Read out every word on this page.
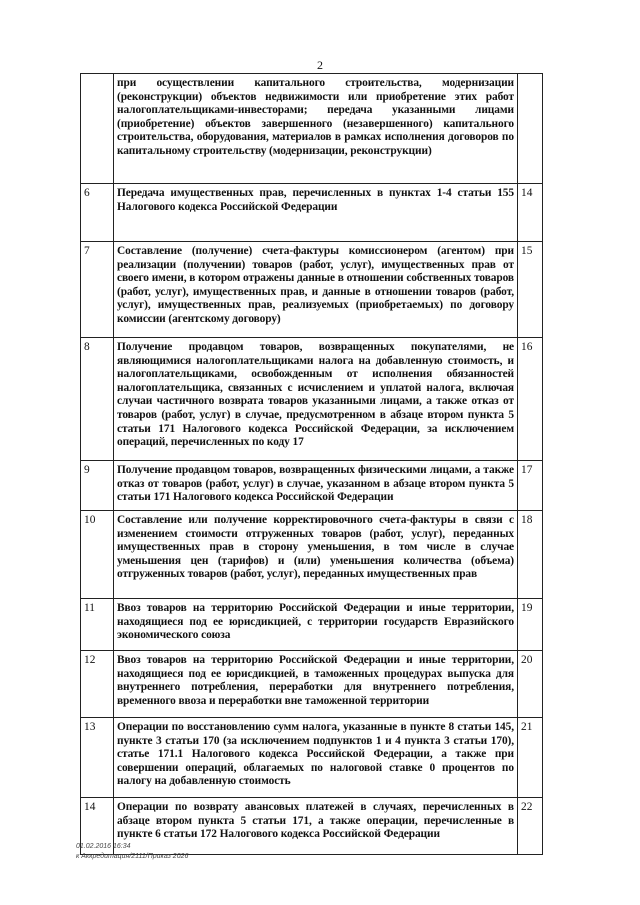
2
	при осуществлении капитального строительства, модернизации (реконструкции) объектов недвижимости или приобретение этих работ налогоплательщиками-инвесторами; передача указанными лицами (приобретение) объектов завершенного (незавершенного) капитального строительства, оборудования, материалов в рамках исполнения договоров по капитальному строительству (модернизации, реконструкции)	
6	Передача имущественных прав, перечисленных в пунктах 1-4 статьи 155 Налогового кодекса Российской Федерации	14
7	Составление (получение) счета-фактуры комиссионером (агентом) при реализации (получении) товаров (работ, услуг), имущественных прав от своего имени, в котором отражены данные в отношении собственных товаров (работ, услуг), имущественных прав, и данные в отношении товаров (работ, услуг), имущественных прав, реализуемых (приобретаемых) по договору комиссии (агентскому договору)	15
8	Получение продавцом товаров, возвращенных покупателями, не являющимися налогоплательщиками налога на добавленную стоимость, и налогоплательщиками, освобожденным от исполнения обязанностей налогоплательщика, связанных с исчислением и уплатой налога, включая случаи частичного возврата товаров указанными лицами, а также отказ от товаров (работ, услуг) в случае, предусмотренном в абзаце втором пункта 5 статьи 171 Налогового кодекса Российской Федерации, за исключением операций, перечисленных по коду 17	16
9	Получение продавцом товаров, возвращенных физическими лицами, а также отказ от товаров (работ, услуг) в случае, указанном в абзаце втором пункта 5 статьи 171 Налогового кодекса Российской Федерации	17
10	Составление или получение корректировочного счета-фактуры в связи с изменением стоимости отгруженных товаров (работ, услуг), переданных имущественных прав в сторону уменьшения, в том числе в случае уменьшения цен (тарифов) и (или) уменьшения количества (объема) отгруженных товаров (работ, услуг), переданных имущественных прав	18
11	Ввоз товаров на территорию Российской Федерации и иные территории, находящиеся под ее юрисдикцией, с территории государств Евразийского экономического союза	19
12	Ввоз товаров на территорию Российской Федерации и иные территории, находящиеся под ее юрисдикцией, в таможенных процедурах выпуска для внутреннего потребления, переработки для внутреннего потребления, временного ввоза и переработки вне таможенной территории	20
13	Операции по восстановлению сумм налога, указанные в пункте 8 статьи 145, пункте 3 статьи 170 (за исключением подпунктов 1 и 4 пункта 3 статьи 170), статье 171.1 Налогового кодекса Российской Федерации, а также при совершении операций, облагаемых по налоговой ставке 0 процентов по налогу на добавленную стоимость	21
14	Операции по возврату авансовых платежей в случаях, перечисленных в абзаце втором пункта 5 статьи 171, а также операции, перечисленные в пункте 6 статьи 172 Налогового кодекса Российской Федерации	22
01.02.2016 16:34
к Аккредитация/2111/Приказ 2026
